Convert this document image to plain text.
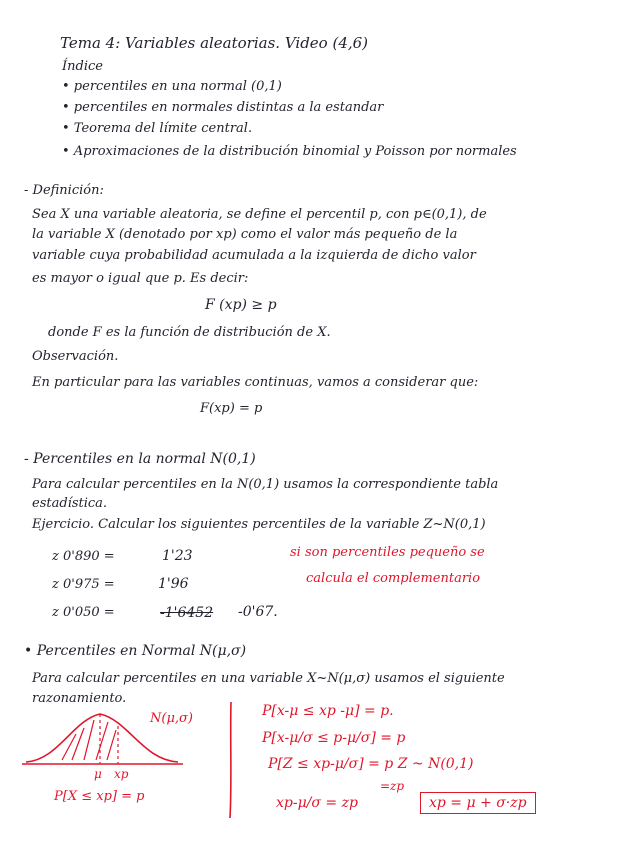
Tema 4: Variables aleatorias. Video (4,6)
Índice
• percentiles en una normal (0,1)
• percentiles en normales distintas a la estandar
• Teorema del límite central.
• Aproximaciones de la distribución binomial y Poisson por normales
- Definición:
Sea X una variable aleatoria, se define el percentil p, con p∈(0,1), de
la variable X (denotado por xp) como el valor más pequeño de la
variable cuya probabilidad acumulada a la izquierda de dicho valor
es mayor o igual que p. Es decir:
F (xp) ≥ p
donde F es la función de distribución de X.
Observación.
En particular para las variables continuas, vamos a considerar que:
F(xp) = p
- Percentiles en la normal N(0,1)
Para calcular percentiles en la N(0,1) usamos la correspondiente tabla
estadística.
Ejercicio. Calcular los siguientes percentiles de la variable Z~N(0,1)
z 0'890 =	1'23
z 0'975 =	1'96
z 0'050 =	-1'6452 -0'67.
si son percentiles pequeño se
calcula el complementario
• Percentiles en Normal N(μ,σ)
Para calcular percentiles en una variable X~N(μ,σ) usamos el siguiente
razonamiento.
N(μ,σ)
μ xp
P[X ≤ xp] = p
P[x-μ ≤ xp -μ] = p.
P[x-μ/σ ≤ p-μ/σ] = p
P[Z ≤ xp-μ/σ] = p Z ~ N(0,1)
=zp
xp-μ/σ = zp	xp = μ + σ·zp
